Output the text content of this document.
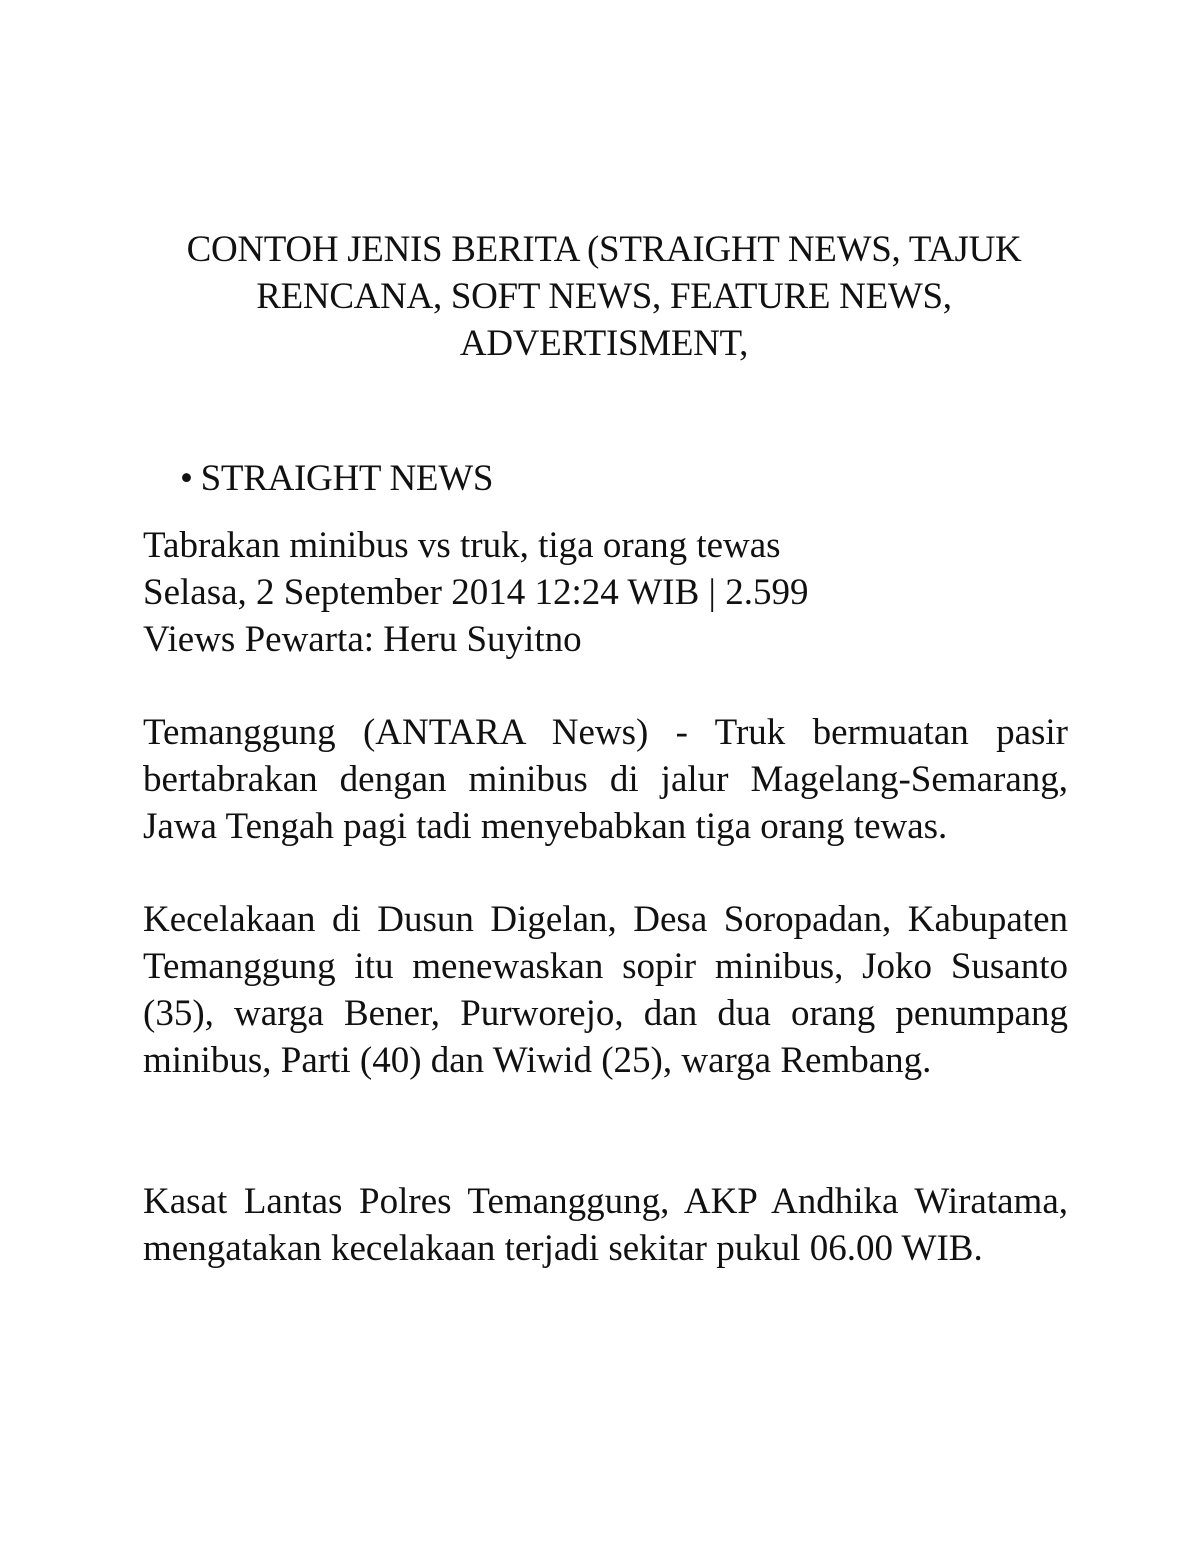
CONTOH JENIS BERITA (STRAIGHT NEWS, TAJUK
RENCANA, SOFT NEWS, FEATURE NEWS,
ADVERTISMENT,
• STRAIGHT NEWS
Tabrakan minibus vs truk, tiga orang tewas
Selasa, 2 September 2014 12:24 WIB | 2.599
Views Pewarta: Heru Suyitno

Temanggung (ANTARA News) - Truk bermuatan pasir bertabrakan dengan minibus di jalur Magelang-Semarang, Jawa Tengah pagi tadi menyebabkan tiga orang tewas.

Kecelakaan di Dusun Digelan, Desa Soropadan, Kabupaten Temanggung itu menewaskan sopir minibus, Joko Susanto (35), warga Bener, Purworejo, dan dua orang penumpang minibus, Parti (40) dan Wiwid (25), warga Rembang.

Kasat Lantas Polres Temanggung, AKP Andhika Wiratama, mengatakan kecelakaan terjadi sekitar pukul 06.00 WIB.
